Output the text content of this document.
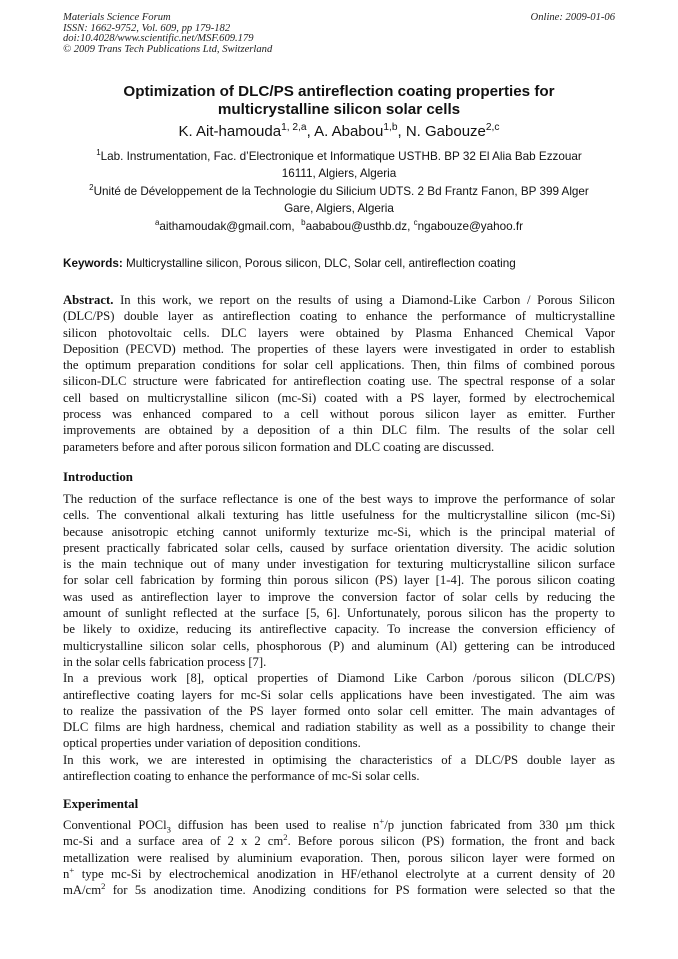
Materials Science Forum
ISSN: 1662-9752, Vol. 609, pp 179-182
doi:10.4028/www.scientific.net/MSF.609.179
© 2009 Trans Tech Publications Ltd, Switzerland
Online: 2009-01-06
Optimization of DLC/PS antireflection coating properties for
multicrystalline silicon solar cells
K. Ait-hamouda$^{1, 2,a}$, A. Ababou$^{1,b}$, N. Gabouze$^{2,c}$
$^1$Lab. Instrumentation, Fac. d’Electronique et Informatique USTHB. BP 32 El Alia Bab Ezzouar
16111, Algiers, Algeria
$^2$Unité de Développement de la Technologie du Silicium UDTS. 2 Bd Frantz Fanon, BP 399 Alger
Gare, Algiers, Algeria
$^a$aithamoudak@gmail.com, $^b$aababou@usthb.dz, $^c$ngabouze@yahoo.fr
Keywords: Multicrystalline silicon, Porous silicon, DLC, Solar cell, antireflection coating
Abstract. In this work, we report on the results of using a Diamond-Like Carbon / Porous Silicon
(DLC/PS) double layer as antireflection coating to enhance the performance of multicrystalline
silicon photovoltaic cells. DLC layers were obtained by Plasma Enhanced Chemical Vapor
Deposition (PECVD) method. The properties of these layers were investigated in order to establish
the optimum preparation conditions for solar cell applications. Then, thin films of combined porous
silicon-DLC structure were fabricated for antireflection coating use. The spectral response of a solar
cell based on multicrystalline silicon (mc-Si) coated with a PS layer, formed by electrochemical
process was enhanced compared to a cell without porous silicon layer as emitter. Further
improvements are obtained by a deposition of a thin DLC film. The results of the solar cell
parameters before and after porous silicon formation and DLC coating are discussed.
Introduction
The reduction of the surface reflectance is one of the best ways to improve the performance of solar
cells. The conventional alkali texturing has little usefulness for the multicrystalline silicon (mc-Si)
because anisotropic etching cannot uniformly texturize mc-Si, which is the principal material of
present practically fabricated solar cells, caused by surface orientation diversity. The acidic solution
is the main technique out of many under investigation for texturing multicrystalline silicon surface
for solar cell fabrication by forming thin porous silicon (PS) layer [1-4]. The porous silicon coating
was used as antireflection layer to improve the conversion factor of solar cells by reducing the
amount of sunlight reflected at the surface [5, 6]. Unfortunately, porous silicon has the property to
be likely to oxidize, reducing its antireflective capacity. To increase the conversion efficiency of
multicrystalline silicon solar cells, phosphorous (P) and aluminum (Al) gettering can be introduced
in the solar cells fabrication process [7].
In a previous work [8], optical properties of Diamond Like Carbon /porous silicon (DLC/PS)
antireflective coating layers for mc-Si solar cells applications have been investigated. The aim was
to realize the passivation of the PS layer formed onto solar cell emitter. The main advantages of
DLC films are high hardness, chemical and radiation stability as well as a possibility to change their
optical properties under variation of deposition conditions.
In this work, we are interested in optimising the characteristics of a DLC/PS double layer as
antireflection coating to enhance the performance of mc-Si solar cells.
Experimental
Conventional POCl$_3$ diffusion has been used to realise n+/p junction fabricated from 330 µm thick
mc-Si and a surface area of 2 x 2 $cm^2$. Before porous silicon (PS) formation, the front and back
metallization were realised by aluminium evaporation. Then, porous silicon layer were formed on
n+ type mc-Si by electrochemical anodization in HF/ethanol electrolyte at a current density of 20
$mA/cm^2$ for 5s anodization time. Anodizing conditions for PS formation were selected so that the
